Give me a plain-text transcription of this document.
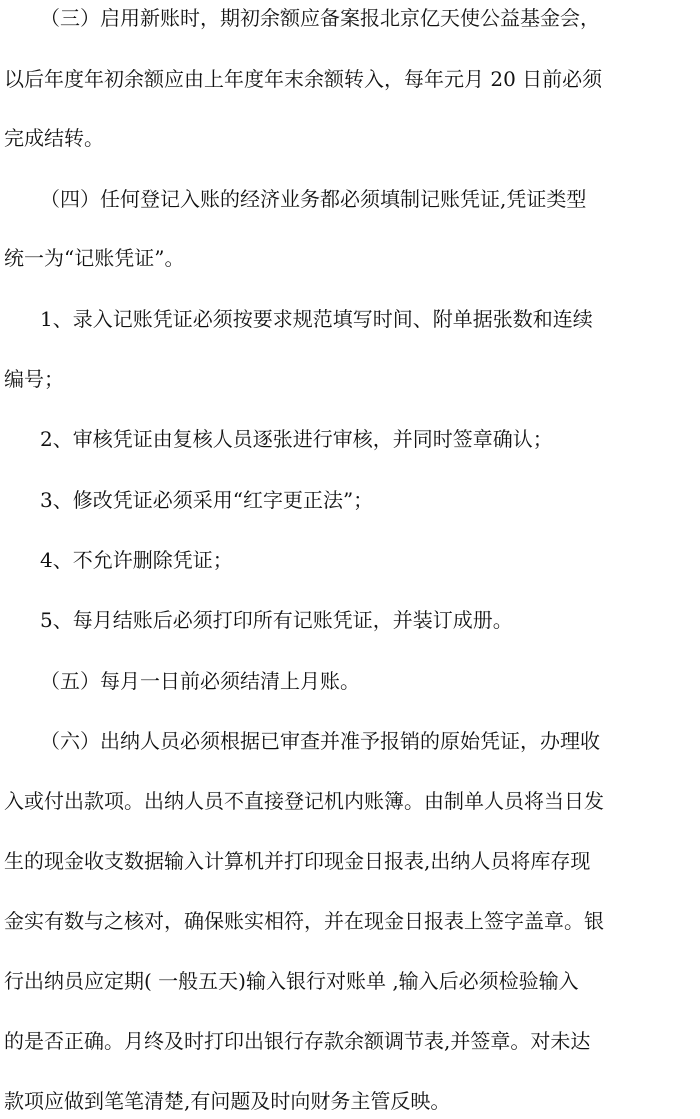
（三）启用新账时，期初余额应备案报北京亿天使公益基金会，
以后年度年初余额应由上年度年末余额转入，每年元月 20 日前必须
完成结转。
（四）任何登记入账的经济业务都必须填制记账凭证,凭证类型
统一为“记账凭证”。
1、录入记账凭证必须按要求规范填写时间、附单据张数和连续
编号；
2、审核凭证由复核人员逐张进行审核，并同时签章确认；
3、修改凭证必须采用“红字更正法”；
4、不允许删除凭证；
5、每月结账后必须打印所有记账凭证，并装订成册。
（五）每月一日前必须结清上月账。
（六）出纳人员必须根据已审查并准予报销的原始凭证，办理收
入或付出款项。出纳人员不直接登记机内账簿。由制单人员将当日发
生的现金收支数据输入计算机并打印现金日报表,出纳人员将库存现
金实有数与之核对，确保账实相符，并在现金日报表上签字盖章。银
行出纳员应定期( 一般五天)输入银行对账单 ,输入后必须检验输入
的是否正确。月终及时打印出银行存款余额调节表,并签章。对未达
款项应做到笔笔清楚,有问题及时向财务主管反映。
